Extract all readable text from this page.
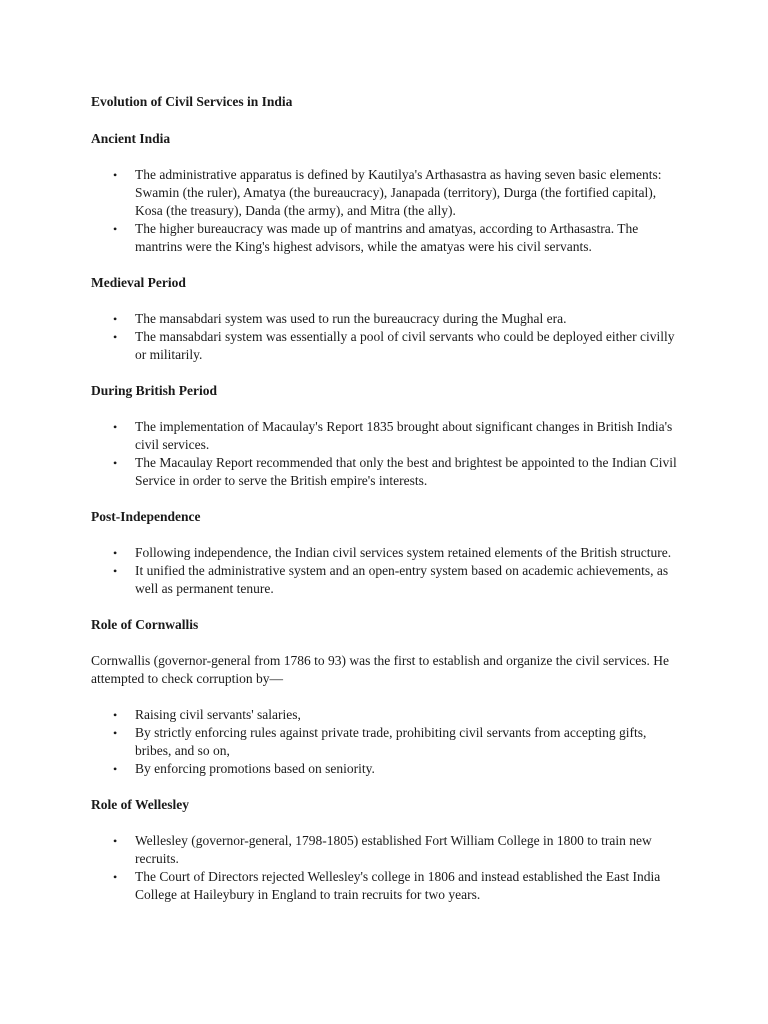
Evolution of Civil Services in India
Ancient India
• The administrative apparatus is defined by Kautilya's Arthasastra as having seven basic elements: Swamin (the ruler), Amatya (the bureaucracy), Janapada (territory), Durga (the fortified capital), Kosa (the treasury), Danda (the army), and Mitra (the ally).
• The higher bureaucracy was made up of mantrins and amatyas, according to Arthasastra. The mantrins were the King's highest advisors, while the amatyas were his civil servants.
Medieval Period
• The mansabdari system was used to run the bureaucracy during the Mughal era.
• The mansabdari system was essentially a pool of civil servants who could be deployed either civilly or militarily.
During British Period
• The implementation of Macaulay's Report 1835 brought about significant changes in British India's civil services.
• The Macaulay Report recommended that only the best and brightest be appointed to the Indian Civil Service in order to serve the British empire's interests.
Post-Independence
• Following independence, the Indian civil services system retained elements of the British structure.
• It unified the administrative system and an open-entry system based on academic achievements, as well as permanent tenure.
Role of Cornwallis

Cornwallis (governor-general from 1786 to 93) was the first to establish and organize the civil services. He attempted to check corruption by—

• Raising civil servants' salaries,
• By strictly enforcing rules against private trade, prohibiting civil servants from accepting gifts, bribes, and so on,
• By enforcing promotions based on seniority.
Role of Wellesley
• Wellesley (governor-general, 1798-1805) established Fort William College in 1800 to train new recruits.
• The Court of Directors rejected Wellesley's college in 1806 and instead established the East India College at Haileybury in England to train recruits for two years.
